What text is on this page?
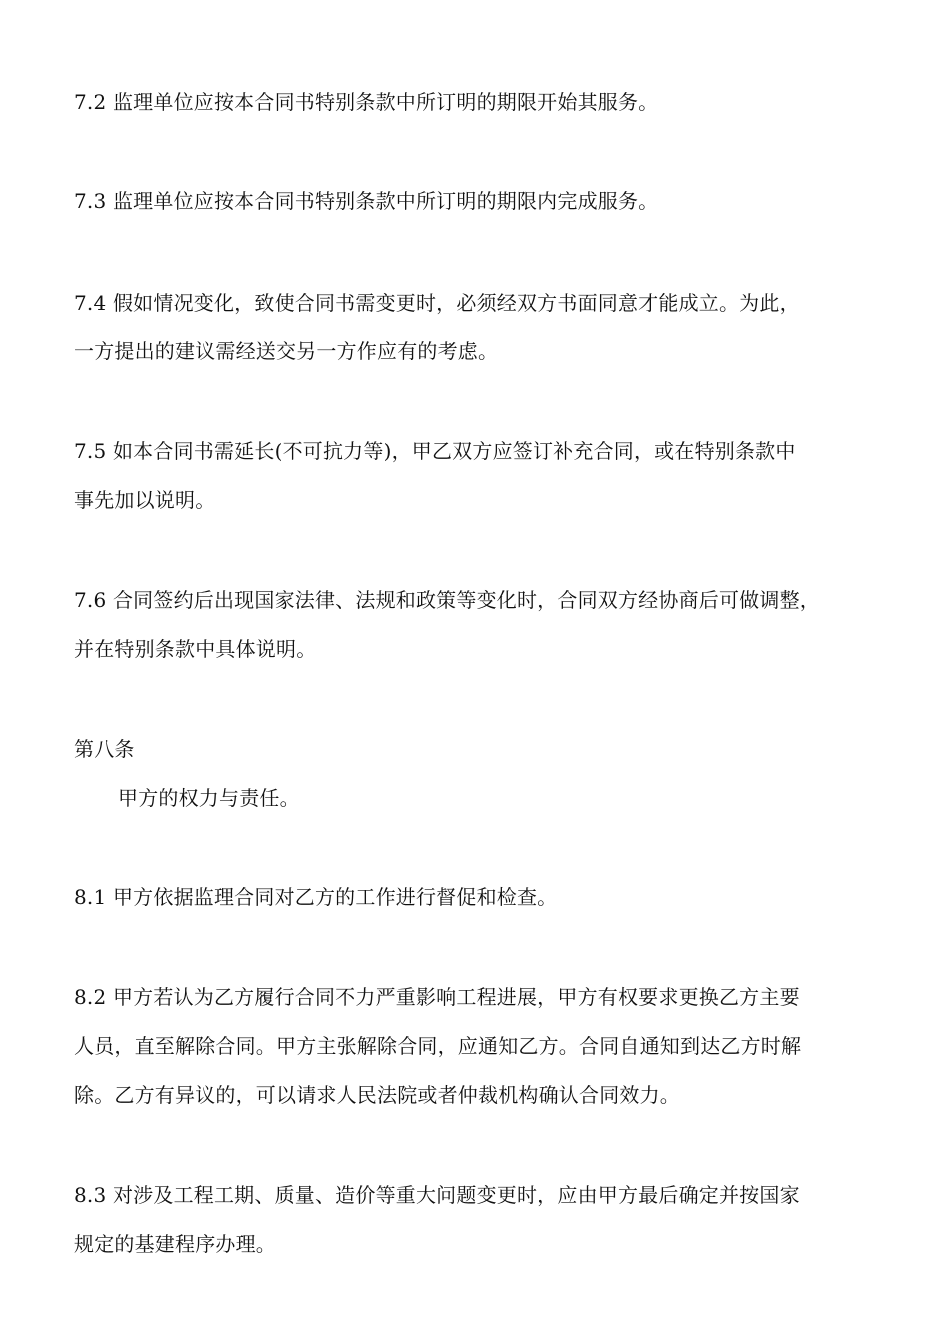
7.2 监理单位应按本合同书特别条款中所订明的期限开始其服务。
7.3 监理单位应按本合同书特别条款中所订明的期限内完成服务。
7.4 假如情况变化，致使合同书需变更时，必须经双方书面同意才能成立。为此，
一方提出的建议需经送交另一方作应有的考虑。
7.5 如本合同书需延长(不可抗力等)，甲乙双方应签订补充合同，或在特别条款中
事先加以说明。
7.6 合同签约后出现国家法律、法规和政策等变化时，合同双方经协商后可做调整，
并在特别条款中具体说明。
第八条
甲方的权力与责任。
8.1 甲方依据监理合同对乙方的工作进行督促和检查。
8.2 甲方若认为乙方履行合同不力严重影响工程进展，甲方有权要求更换乙方主要
人员，直至解除合同。甲方主张解除合同，应通知乙方。合同自通知到达乙方时解
除。乙方有异议的，可以请求人民法院或者仲裁机构确认合同效力。
8.3 对涉及工程工期、质量、造价等重大问题变更时，应由甲方最后确定并按国家
规定的基建程序办理。
